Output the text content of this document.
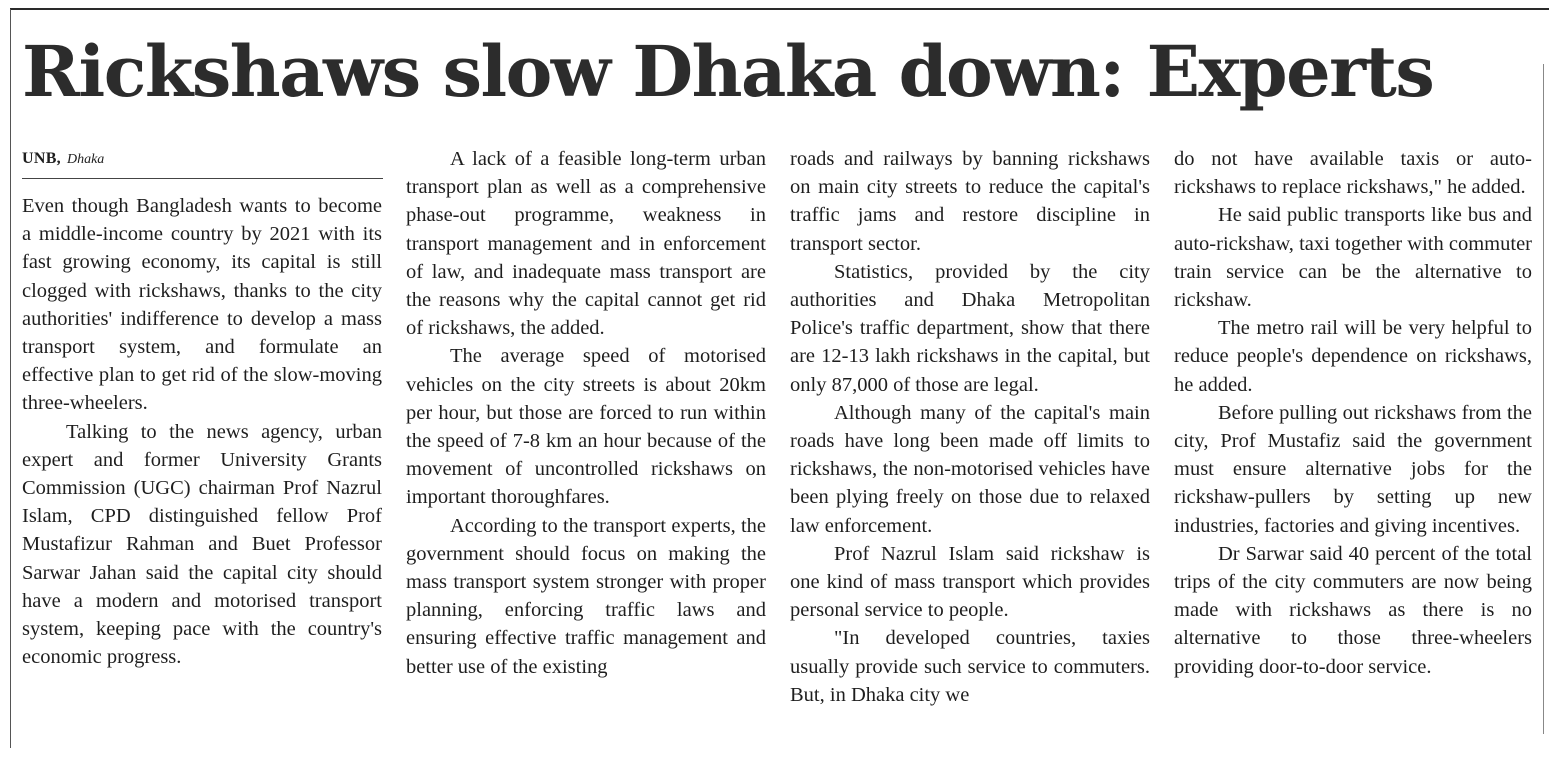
Rickshaws slow Dhaka down: Experts
UNB, Dhaka

Even though Bangladesh wants to become a middle-income country by 2021 with its fast growing economy, its capital is still clogged with rickshaws, thanks to the city authorities' indifference to develop a mass transport system, and formulate an effective plan to get rid of the slow-moving three-wheelers.

Talking to the news agency, urban expert and former University Grants Commission (UGC) chairman Prof Nazrul Islam, CPD distinguished fellow Prof Mustafizur Rahman and Buet Professor Sarwar Jahan said the capital city should have a modern and motorised transport system, keeping pace with the country's economic progress.

A lack of a feasible long-term urban transport plan as well as a comprehensive phase-out programme, weakness in transport management and in enforcement of law, and inadequate mass transport are the reasons why the capital cannot get rid of rickshaws, the added.

The average speed of motorised vehicles on the city streets is about 20km per hour, but those are forced to run within the speed of 7-8 km an hour because of the movement of uncontrolled rickshaws on important thoroughfares.

According to the transport experts, the government should focus on making the mass transport system stronger with proper planning, enforcing traffic laws and ensuring effective traffic management and better use of the existing

roads and railways by banning rickshaws on main city streets to reduce the capital's traffic jams and restore discipline in transport sector.

Statistics, provided by the city authorities and Dhaka Metropolitan Police's traffic department, show that there are 12-13 lakh rickshaws in the capital, but only 87,000 of those are legal.

Although many of the capital's main roads have long been made off limits to rickshaws, the non-motorised vehicles have been plying freely on those due to relaxed law enforcement.

Prof Nazrul Islam said rickshaw is one kind of mass transport which provides personal service to people.

"In developed countries, taxies usually provide such service to commuters. But, in Dhaka city we

do not have available taxis or auto-rickshaws to replace rickshaws," he added.

He said public transports like bus and auto-rickshaw, taxi together with commuter train service can be the alternative to rickshaw.

The metro rail will be very helpful to reduce people's dependence on rickshaws, he added.

Before pulling out rickshaws from the city, Prof Mustafiz said the government must ensure alternative jobs for the rickshaw-pullers by setting up new industries, factories and giving incentives.

Dr Sarwar said 40 percent of the total trips of the city commuters are now being made with rickshaws as there is no alternative to those three-wheelers providing door-to-door service.
